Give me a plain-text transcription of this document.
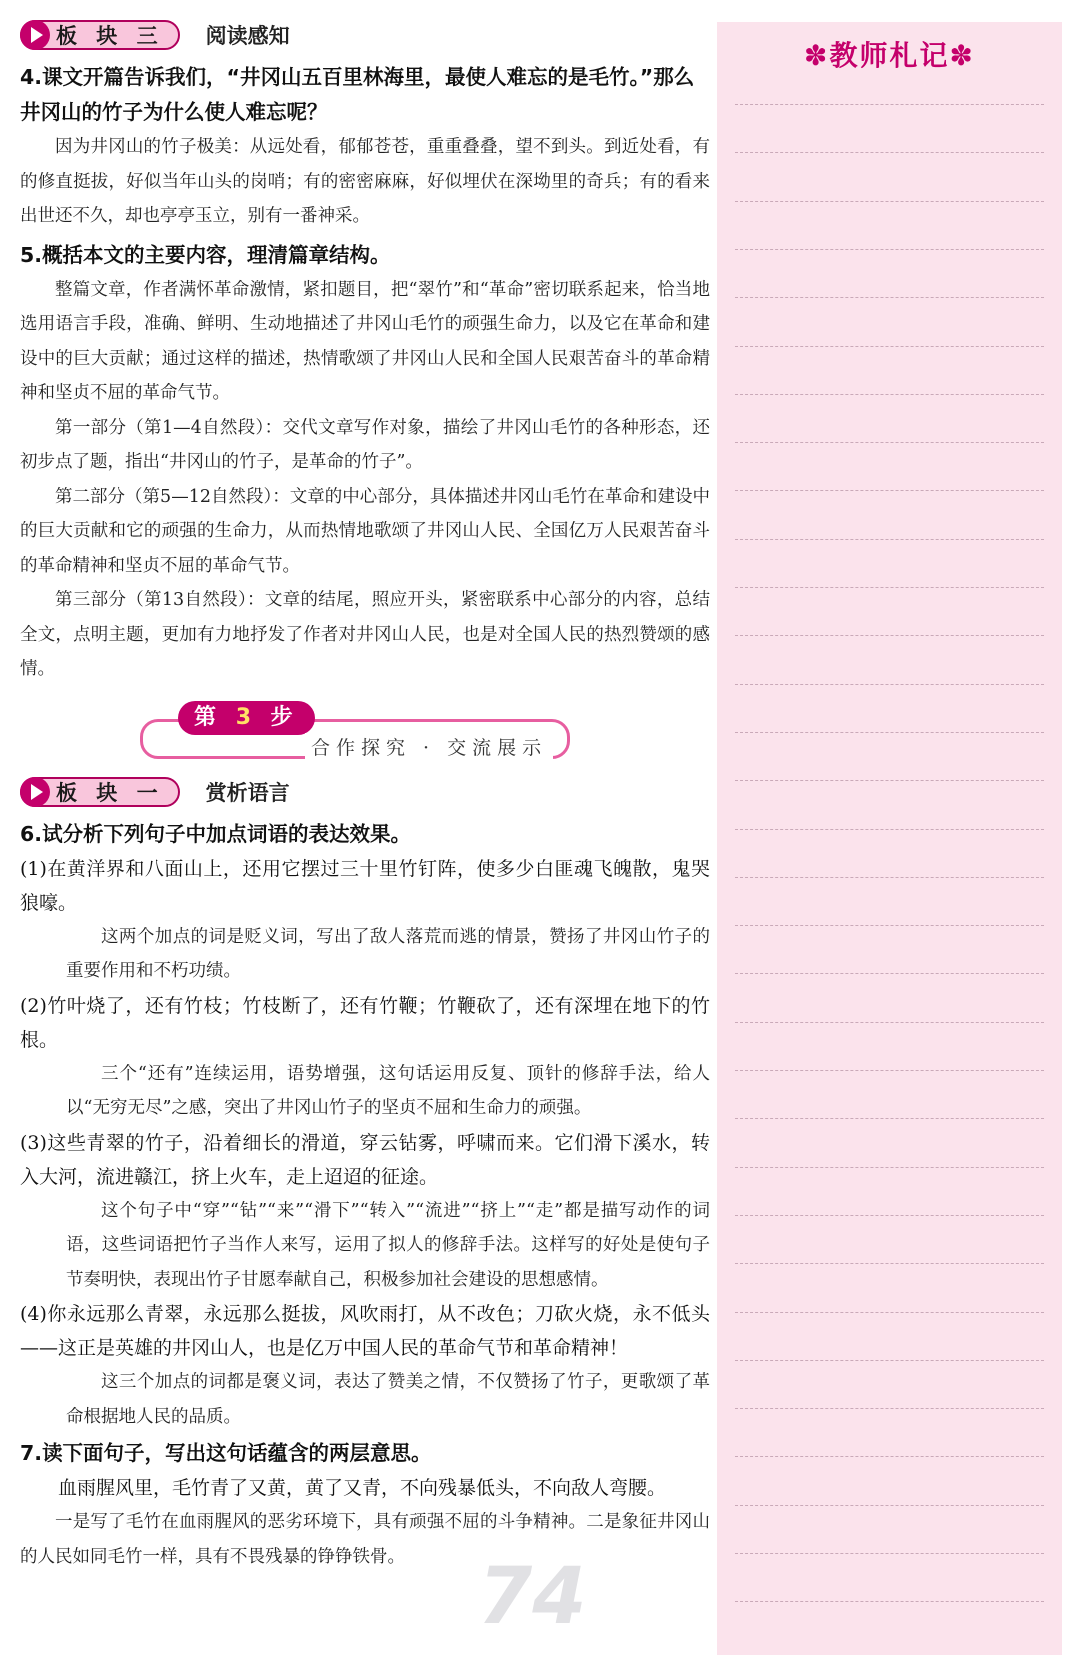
板 块 三 阅读感知
4.课文开篇告诉我们，“井冈山五百里林海里，最使人难忘的是毛竹。”那么井冈山的竹子为什么使人难忘呢？

因为井冈山的竹子极美：从远处看，郁郁苍苍，重重叠叠，望不到头。到近处看，有的修直挺拔，好似当年山头的岗哨；有的密密麻麻，好似埋伏在深坳里的奇兵；有的看来出世还不久，却也亭亭玉立，别有一番神采。

5.概括本文的主要内容，理清篇章结构。

整篇文章，作者满怀革命激情，紧扣题目，把“翠竹”和“革命”密切联系起来，恰当地选用语言手段，准确、鲜明、生动地描述了井冈山毛竹的顽强生命力，以及它在革命和建设中的巨大贡献；通过这样的描述，热情歌颂了井冈山人民和全国人民艰苦奋斗的革命精神和坚贞不屈的革命气节。

第一部分（第1—4自然段）：交代文章写作对象，描绘了井冈山毛竹的各种形态，还初步点了题，指出“井冈山的竹子，是革命的竹子”。

第二部分（第5—12自然段）：文章的中心部分，具体描述井冈山毛竹在革命和建设中的巨大贡献和它的顽强的生命力，从而热情地歌颂了井冈山人民、全国亿万人民艰苦奋斗的革命精神和坚贞不屈的革命气节。

第三部分（第13自然段）：文章的结尾，照应开头，紧密联系中心部分的内容，总结全文，点明主题，更加有力地抒发了作者对井冈山人民，也是对全国人民的热烈赞颂的感情。

第 3 步
合作探究 · 交流展示
板 块 一 赏析语言
6.试分析下列句子中加点词语的表达效果。

(1)在黄洋界和八面山上，还用它摆过三十里竹钉阵，使多少白匪魂飞魄散，鬼哭狼嚎。

这两个加点的词是贬义词，写出了敌人落荒而逃的情景，赞扬了井冈山竹子的重要作用和不朽功绩。

(2)竹叶烧了，还有竹枝；竹枝断了，还有竹鞭；竹鞭砍了，还有深埋在地下的竹根。

三个“还有”连续运用，语势增强，这句话运用反复、顶针的修辞手法，给人以“无穷无尽”之感，突出了井冈山竹子的坚贞不屈和生命力的顽强。

(3)这些青翠的竹子，沿着细长的滑道，穿云钻雾，呼啸而来。它们滑下溪水，转入大河，流进赣江，挤上火车，走上迢迢的征途。

这个句子中“穿”“钻”“来”“滑下”“转入”“流进”“挤上”“走”都是描写动作的词语，这些词语把竹子当作人来写，运用了拟人的修辞手法。这样写的好处是使句子节奏明快，表现出竹子甘愿奉献自己，积极参加社会建设的思想感情。

(4)你永远那么青翠，永远那么挺拔，风吹雨打，从不改色；刀砍火烧，永不低头——这正是英雄的井冈山人，也是亿万中国人民的革命气节和革命精神！

这三个加点的词都是褒义词，表达了赞美之情，不仅赞扬了竹子，更歌颂了革命根据地人民的品质。

7.读下面句子，写出这句话蕴含的两层意思。

血雨腥风里，毛竹青了又黄，黄了又青，不向残暴低头，不向敌人弯腰。

一是写了毛竹在血雨腥风的恶劣环境下，具有顽强不屈的斗争精神。二是象征井冈山的人民如同毛竹一样，具有不畏残暴的铮铮铁骨。

✽教师札记✽
74
